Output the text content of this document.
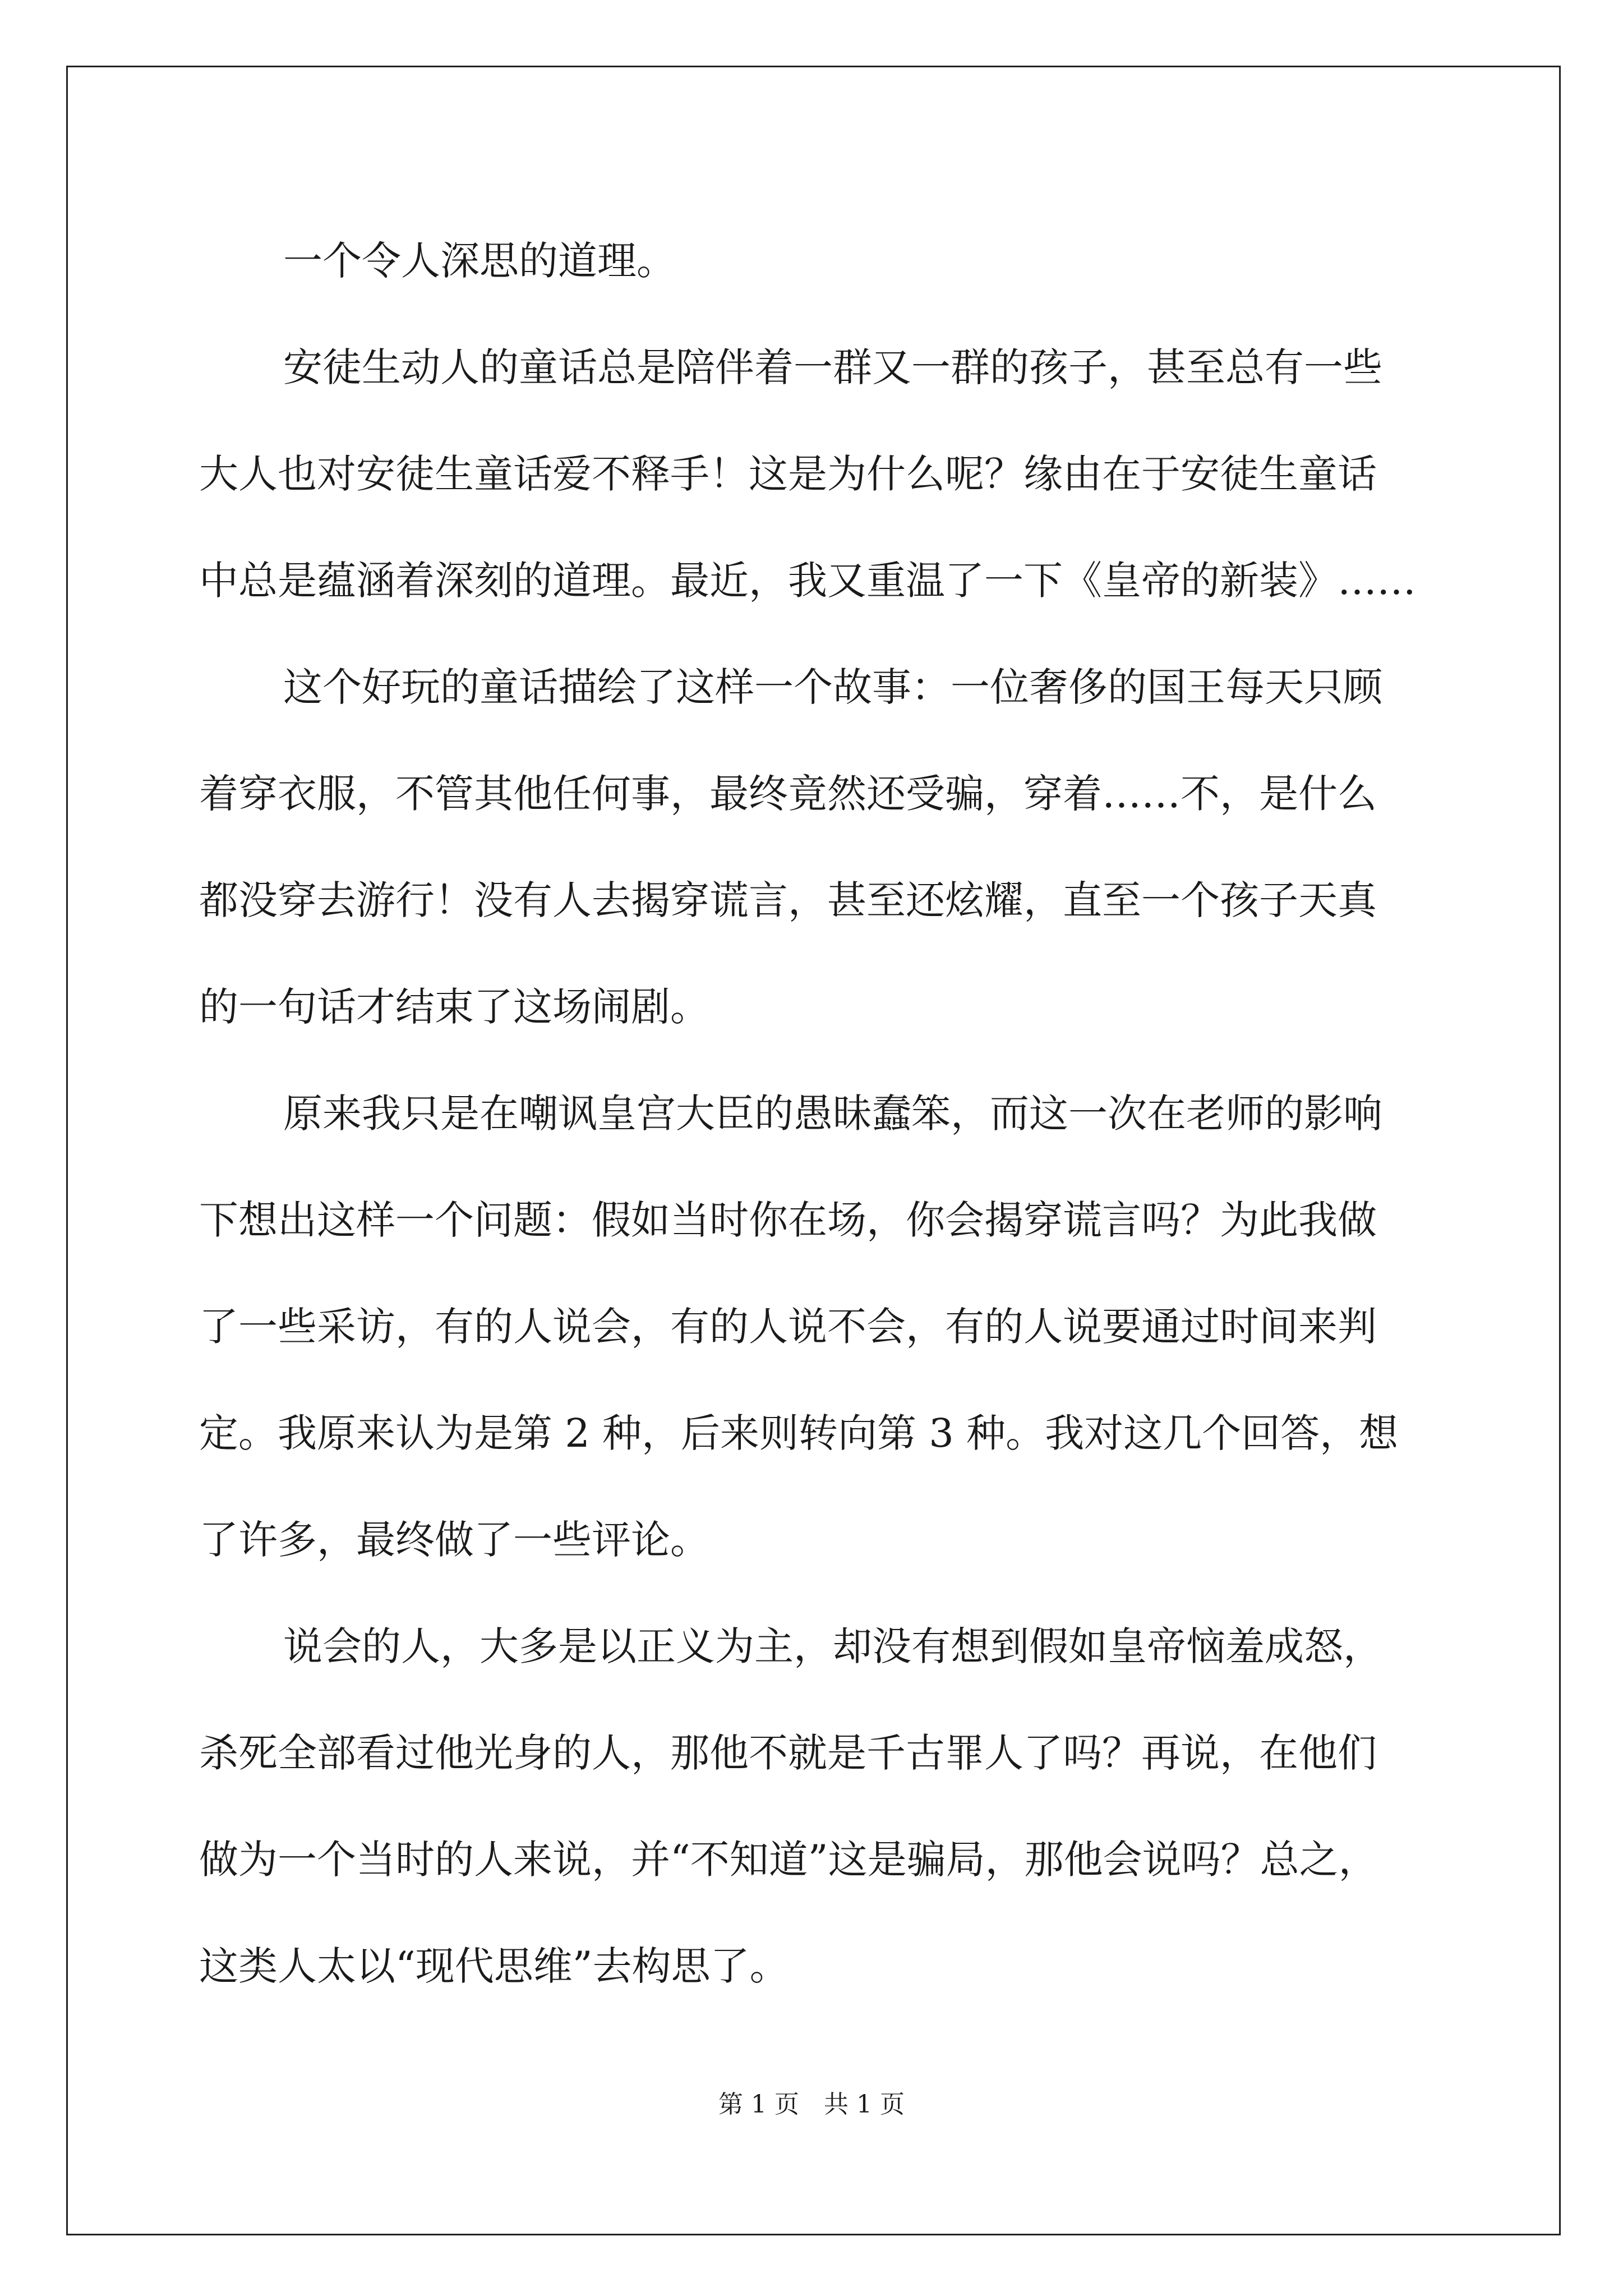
一个令人深思的道理。

安徒生动人的童话总是陪伴着一群又一群的孩子，甚至总有一些

大人也对安徒生童话爱不释手！这是为什么呢？缘由在于安徒生童话

中总是蕴涵着深刻的道理。最近，我又重温了一下《皇帝的新装》……

这个好玩的童话描绘了这样一个故事：一位奢侈的国王每天只顾

着穿衣服，不管其他任何事，最终竟然还受骗，穿着……不，是什么

都没穿去游行！没有人去揭穿谎言，甚至还炫耀，直至一个孩子天真

的一句话才结束了这场闹剧。

原来我只是在嘲讽皇宫大臣的愚昧蠢笨，而这一次在老师的影响

下想出这样一个问题：假如当时你在场，你会揭穿谎言吗？为此我做

了一些采访，有的人说会，有的人说不会，有的人说要通过时间来判

定。我原来认为是第 2 种，后来则转向第 3 种。我对这几个回答，想

了许多，最终做了一些评论。

说会的人，大多是以正义为主，却没有想到假如皇帝恼羞成怒，

杀死全部看过他光身的人，那他不就是千古罪人了吗？再说，在他们

做为一个当时的人来说，并“不知道”这是骗局，那他会说吗？总之，

这类人太以“现代思维”去构思了。

第 1 页　共 1 页
